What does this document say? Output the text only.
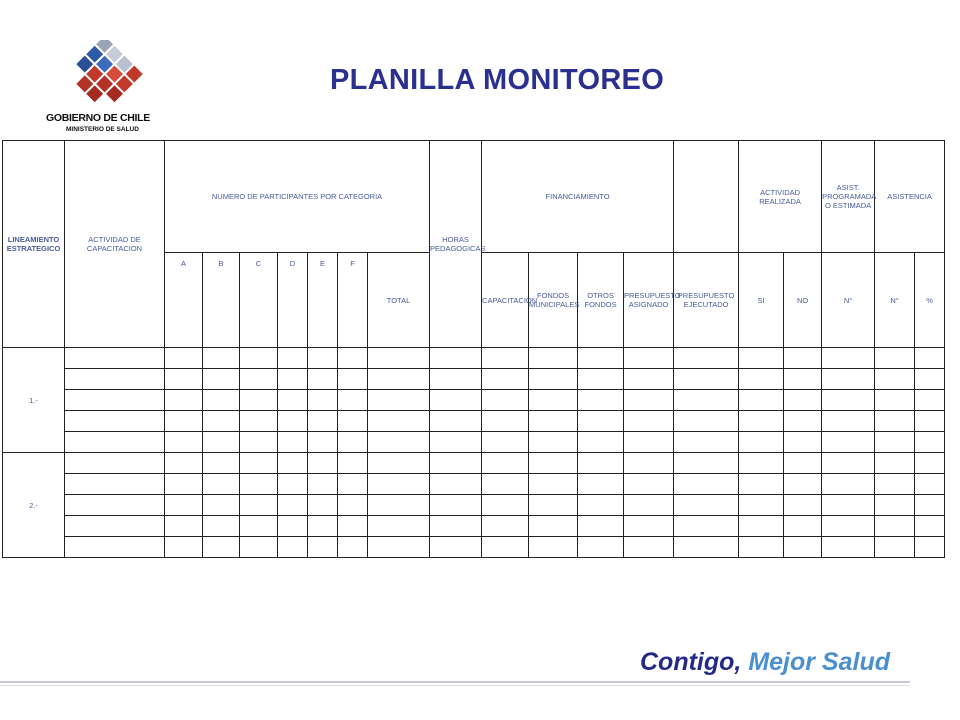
GOBIERNO DE CHILE
MINISTERIO DE SALUD
PLANILLA MONITOREO
LINEAMIENTO ESTRATEGICO	ACTIVIDAD DE CAPACITACION	NUMERO DE PARTICIPANTES POR CATEGORIA							HORAS PEDAGOGICAS	FINANCIAMIENTO					ACTIVIDAD REALIZADA		ASIST. PROGRAMADA O ESTIMADA	ASISTENCIA	
		A	B	C	D	E	F	TOTAL		CAPACITACION	FONDOS MUNICIPALES	OTROS FONDOS	PRESUPUESTO ASIGNADO	PRESUPUESTO EJECUTADO	SI	NO	N°	N°	%
1.-																			

2.-																			

Contigo, Mejor Salud
